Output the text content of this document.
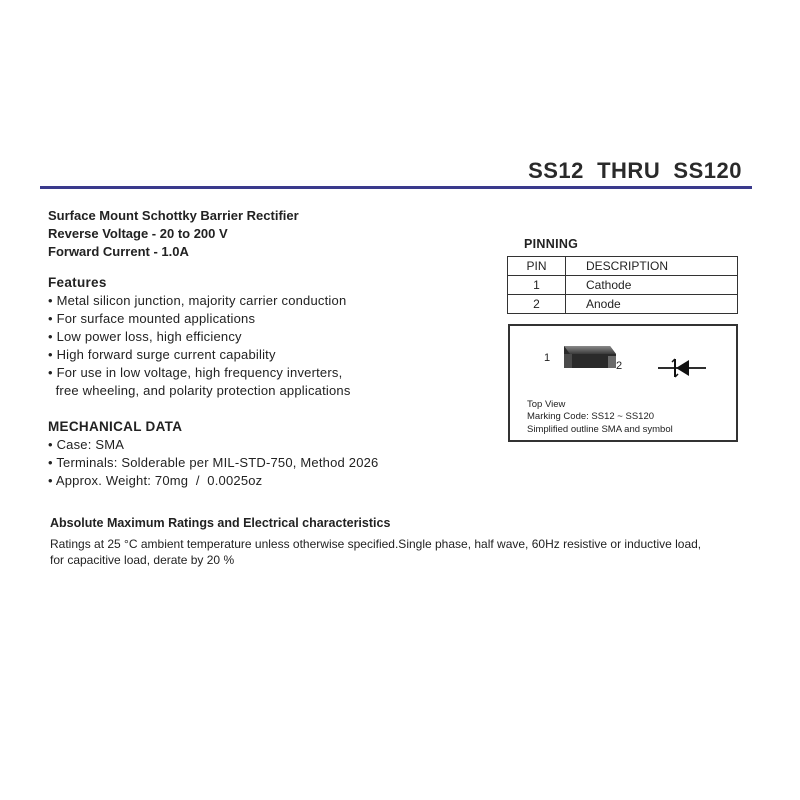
SS12  THRU  SS120
Surface Mount Schottky Barrier Rectifier
Reverse Voltage - 20 to 200 V
Forward Current - 1.0A
Features
• Metal silicon junction, majority carrier conduction
• For surface mounted applications
• Low power loss, high efficiency
• High forward surge current capability
• For use in low voltage, high frequency inverters,
free wheeling, and polarity protection applications
MECHANICAL DATA
• Case: SMA
• Terminals: Solderable per MIL-STD-750, Method 2026
• Approx. Weight: 70mg  /  0.0025oz
PINNING
PIN	DESCRIPTION
1	Cathode
2	Anode
1
2
Top View
Marking Code: SS12 ~ SS120
Simplified outline SMA and symbol
Absolute Maximum Ratings and Electrical characteristics
Ratings at 25 °C ambient temperature unless otherwise specified.Single phase, half wave, 60Hz resistive or inductive load,
for capacitive load, derate by 20 %
